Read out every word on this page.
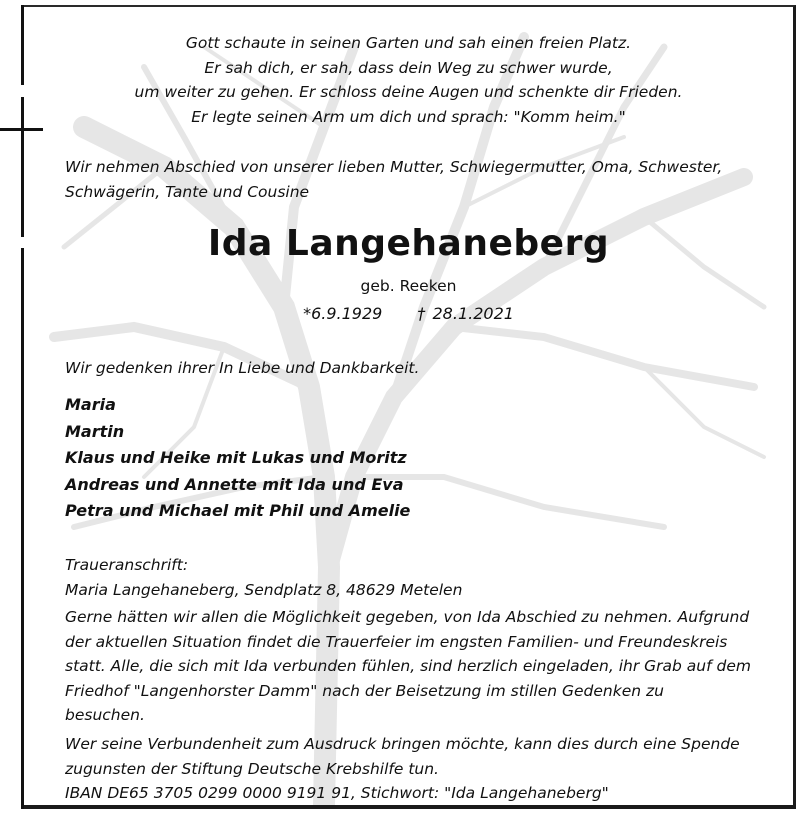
Gott schaute in seinen Garten und sah einen freien Platz.
Er sah dich, er sah, dass dein Weg zu schwer wurde,
um weiter zu gehen. Er schloss deine Augen und schenkte dir Frieden.
Er legte seinen Arm um dich und sprach: "Komm heim."
Wir nehmen Abschied von unserer lieben Mutter, Schwiegermutter, Oma, Schwester,
Schwägerin, Tante und Cousine
Ida Langehaneberg
geb. Reeken
*6.9.1929 † 28.1.2021
Wir gedenken ihrer In Liebe und Dankbarkeit.
Maria
Martin
Klaus und Heike mit Lukas und Moritz
Andreas und Annette mit Ida und Eva
Petra und Michael mit Phil und Amelie
Traueranschrift:
Maria Langehaneberg, Sendplatz 8, 48629 Metelen
Gerne hätten wir allen die Möglichkeit gegeben, von Ida Abschied zu nehmen. Aufgrund
der aktuellen Situation findet die Trauerfeier im engsten Familien- und Freundeskreis
statt. Alle, die sich mit Ida verbunden fühlen, sind herzlich eingeladen, ihr Grab auf dem
Friedhof "Langenhorster Damm" nach der Beisetzung im stillen Gedenken zu
besuchen.
Wer seine Verbundenheit zum Ausdruck bringen möchte, kann dies durch eine Spende
zugunsten der Stiftung Deutsche Krebshilfe tun.
IBAN DE65 3705 0299 0000 9191 91, Stichwort: "Ida Langehaneberg"
